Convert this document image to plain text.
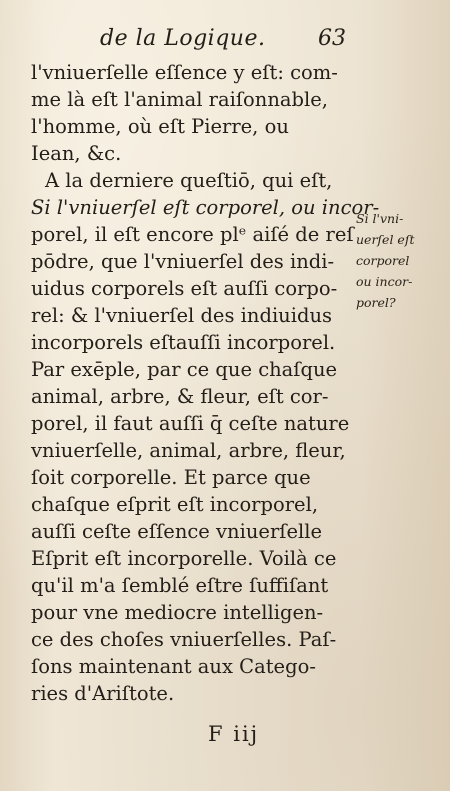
de la Logique. 63
l'vniuerſelle eſſence y eſt: com-
me là eſt l'animal raiſonnable,
l'homme, où eſt Pierre, ou
Iean, &c.
A la derniere queſtiō, qui eſt,
Si l'vniuerſel eſt corporel, ou incor-
porel, il eſt encore plᵉ aiſé de reſ
pōdre, que l'vniuerſel des indi-
uidus corporels eſt auſſi corpo-
rel: & l'vniuerſel des indiuidus
incorporels eſtauſſi incorporel.
Par exēple, par ce que chaſque
animal, arbre, & fleur, eſt cor-
porel, il faut auſſi q̄ ceſte nature
vniuerſelle, animal, arbre, fleur,
ſoit corporelle. Et parce que
chaſque eſprit eſt incorporel,
auſſi ceſte eſſence vniuerſelle
Eſprit eſt incorporelle. Voilà ce
qu'il m'a ſemblé eſtre ſuffiſant
pour vne mediocre intelligen-
ce des choſes vniuerſelles. Paſ-
ſons maintenant aux Catego-
ries d'Ariſtote.
Si l'vni-
uerſel eſt
corporel
ou incor-
porel?
F iij
